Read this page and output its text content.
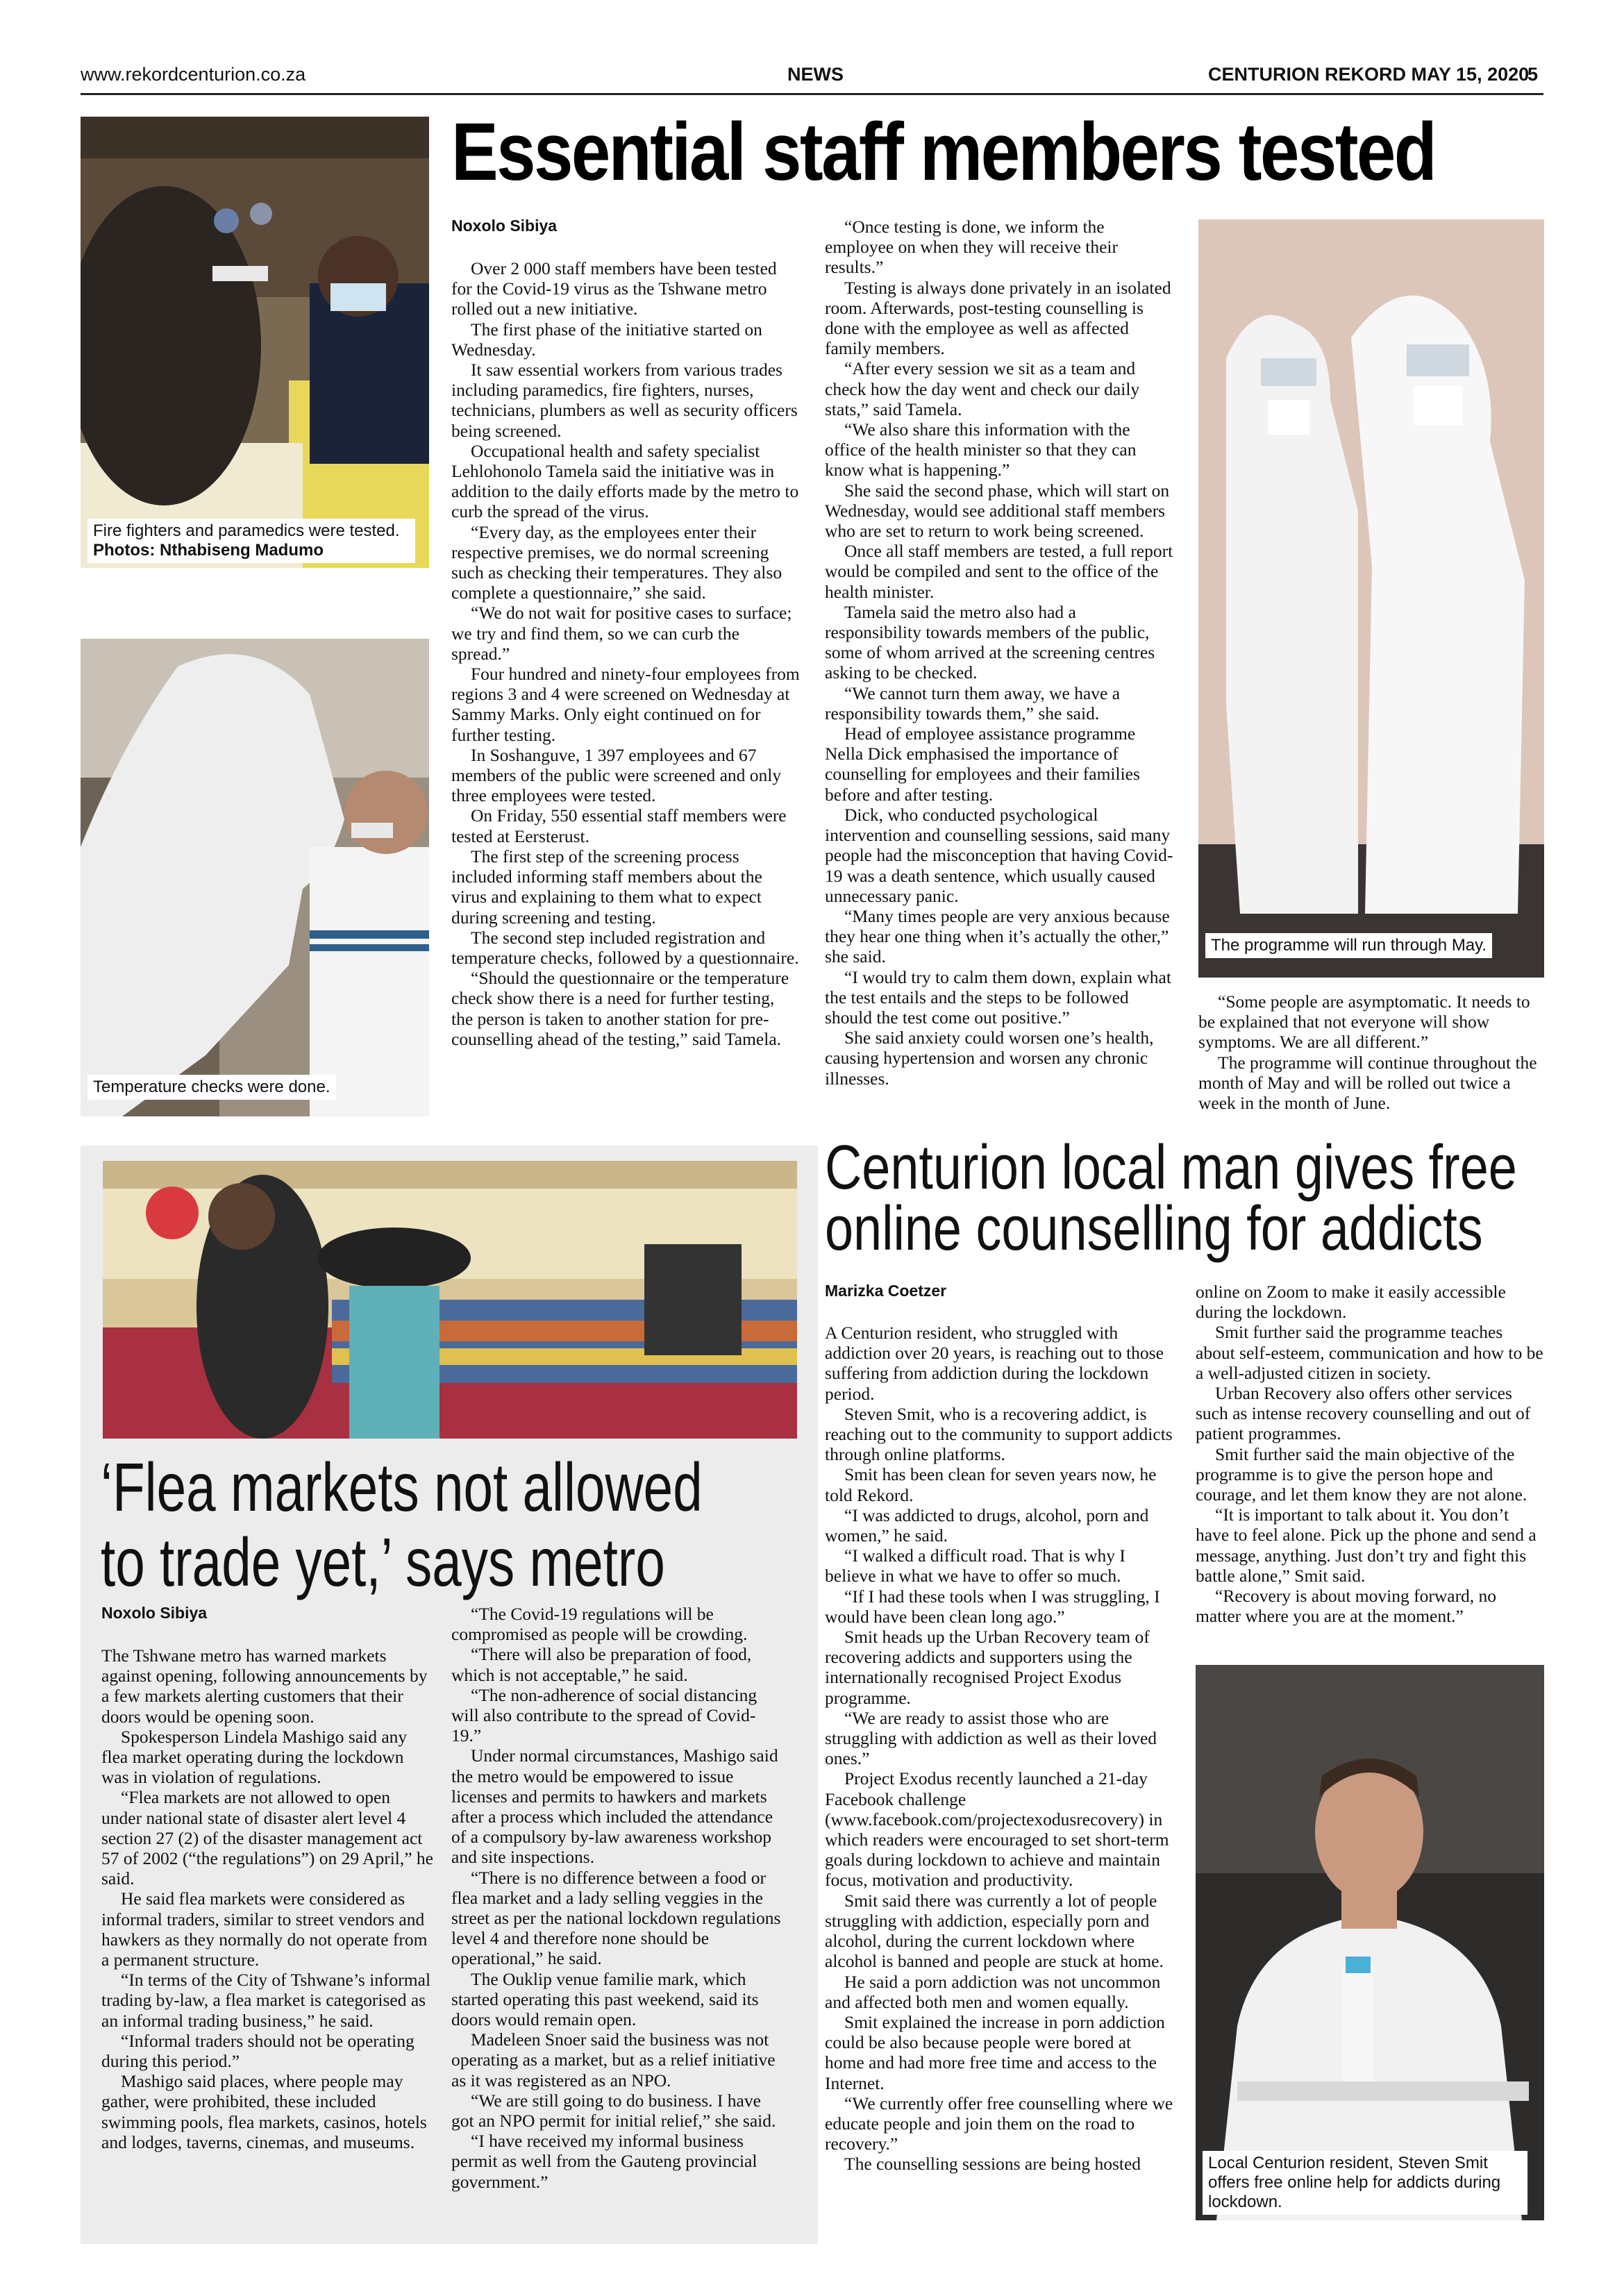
www.rekordcenturion.co.za	NEWS	CENTURION REKORD MAY 15, 2020
5
Fire fighters and paramedics were tested. Photos: Nthabiseng Madumo
Temperature checks were done.
Essential staff members tested
Noxolo Sibiya

Over 2 000 staff members have been tested for the Covid-19 virus as the Tshwane metro rolled out a new initiative.

The first phase of the initiative started on Wednesday.

It saw essential workers from various trades including paramedics, fire fighters, nurses, technicians, plumbers as well as security officers being screened.

Occupational health and safety specialist Lehlohonolo Tamela said the initiative was in addition to the daily efforts made by the metro to curb the spread of the virus.

“Every day, as the employees enter their respective premises, we do normal screening such as checking their temperatures. They also complete a questionnaire,” she said.

“We do not wait for positive cases to surface; we try and find them, so we can curb the spread.”

Four hundred and ninety-four employees from regions 3 and 4 were screened on Wednesday at Sammy Marks. Only eight continued on for further testing.

In Soshanguve, 1 397 employees and 67 members of the public were screened and only three employees were tested.

On Friday, 550 essential staff members were tested at Eersterust.

The first step of the screening process included informing staff members about the virus and explaining to them what to expect during screening and testing.

The second step included registration and temperature checks, followed by a questionnaire.

“Should the questionnaire or the temperature check show there is a need for further testing, the person is taken to another station for pre-counselling ahead of the testing,” said Tamela.

“Once testing is done, we inform the employee on when they will receive their results.”

Testing is always done privately in an isolated room. Afterwards, post-testing counselling is done with the employee as well as affected family members.

“After every session we sit as a team and check how the day went and check our daily stats,” said Tamela.

“We also share this information with the office of the health minister so that they can know what is happening.”

She said the second phase, which will start on Wednesday, would see additional staff members who are set to return to work being screened.

Once all staff members are tested, a full report would be compiled and sent to the office of the health minister.

Tamela said the metro also had a responsibility towards members of the public, some of whom arrived at the screening centres asking to be checked.

“We cannot turn them away, we have a responsibility towards them,” she said.

Head of employee assistance programme Nella Dick emphasised the importance of counselling for employees and their families before and after testing.

Dick, who conducted psychological intervention and counselling sessions, said many people had the misconception that having Covid-19 was a death sentence, which usually caused unnecessary panic.

“Many times people are very anxious because they hear one thing when it’s actually the other,” she said.

“I would try to calm them down, explain what the test entails and the steps to be followed should the test come out positive.”

She said anxiety could worsen one’s health, causing hypertension and worsen any chronic illnesses.

The programme will run through May.

“Some people are asymptomatic. It needs to be explained that not everyone will show symptoms. We are all different.”

The programme will continue throughout the month of May and will be rolled out twice a week in the month of June.

‘Flea markets not allowed
to trade yet,’ says metro
Noxolo Sibiya

The Tshwane metro has warned markets against opening, following announcements by a few markets alerting customers that their doors would be opening soon.

Spokesperson Lindela Mashigo said any flea market operating during the lockdown was in violation of regulations.

“Flea markets are not allowed to open under national state of disaster alert level 4 section 27 (2) of the disaster management act 57 of 2002 (“the regulations”) on 29 April,” he said.

He said flea markets were considered as informal traders, similar to street vendors and hawkers as they normally do not operate from a permanent structure.

“In terms of the City of Tshwane’s informal trading by-law, a flea market is categorised as an informal trading business,” he said.

“Informal traders should not be operating during this period.”

Mashigo said places, where people may gather, were prohibited, these included swimming pools, flea markets, casinos, hotels and lodges, taverns, cinemas, and museums.

“The Covid-19 regulations will be compromised as people will be crowding.

“There will also be preparation of food, which is not acceptable,” he said.

“The non-adherence of social distancing will also contribute to the spread of Covid-19.”

Under normal circumstances, Mashigo said the metro would be empowered to issue licenses and permits to hawkers and markets after a process which included the attendance of a compulsory by-law awareness workshop and site inspections.

“There is no difference between a food or flea market and a lady selling veggies in the street as per the national lockdown regulations level 4 and therefore none should be operational,” he said.

The Ouklip venue familie mark, which started operating this past weekend, said its doors would remain open.

Madeleen Snoer said the business was not operating as a market, but as a relief initiative as it was registered as an NPO.

“We are still going to do business. I have got an NPO permit for initial relief,” she said.

“I have received my informal business permit as well from the Gauteng provincial government.”

Centurion local man gives free
online counselling for addicts
Marizka Coetzer

A Centurion resident, who struggled with addiction over 20 years, is reaching out to those suffering from addiction during the lockdown period.

Steven Smit, who is a recovering addict, is reaching out to the community to support addicts through online platforms.

Smit has been clean for seven years now, he told Rekord.

“I was addicted to drugs, alcohol, porn and women,” he said.

“I walked a difficult road. That is why I believe in what we have to offer so much.

“If I had these tools when I was struggling, I would have been clean long ago.”

Smit heads up the Urban Recovery team of recovering addicts and supporters using the internationally recognised Project Exodus programme.

“We are ready to assist those who are struggling with addiction as well as their loved ones.”

Project Exodus recently launched a 21-day Facebook challenge (www.facebook.com/projectexodusrecovery) in which readers were encouraged to set short-term goals during lockdown to achieve and maintain focus, motivation and productivity.

Smit said there was currently a lot of people struggling with addiction, especially porn and alcohol, during the current lockdown where alcohol is banned and people are stuck at home.

He said a porn addiction was not uncommon and affected both men and women equally.

Smit explained the increase in porn addiction could be also because people were bored at home and had more free time and access to the Internet.

“We currently offer free counselling where we educate people and join them on the road to recovery.”

The counselling sessions are being hosted

online on Zoom to make it easily accessible during the lockdown.

Smit further said the programme teaches about self-esteem, communication and how to be a well-adjusted citizen in society.

Urban Recovery also offers other services such as intense recovery counselling and out of patient programmes.

Smit further said the main objective of the programme is to give the person hope and courage, and let them know they are not alone.

“It is important to talk about it. You don’t have to feel alone. Pick up the phone and send a message, anything. Just don’t try and fight this battle alone,” Smit said.

“Recovery is about moving forward, no matter where you are at the moment.”

Local Centurion resident, Steven Smit offers free online help for addicts during lockdown.
